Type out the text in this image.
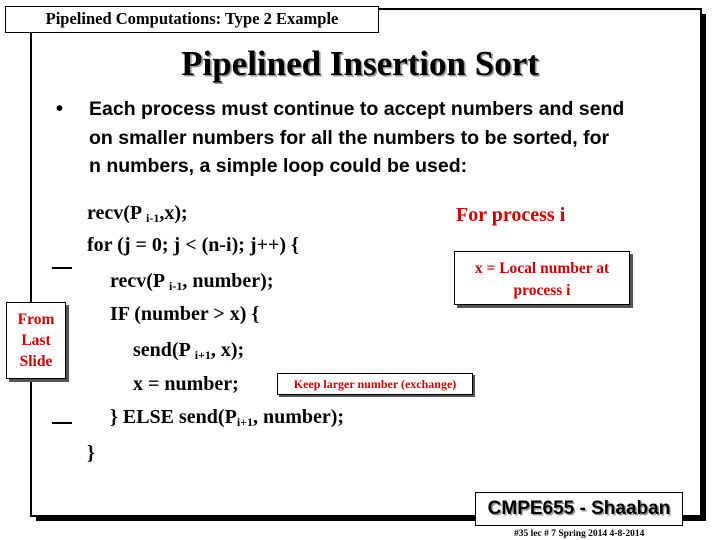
Pipelined Computations: Type 2 Example
Pipelined Insertion Sort
• Each process must continue to accept numbers and send
on smaller numbers for all the numbers to be sorted, for
n numbers, a simple loop could be used:
recv(P $_{i-1}$,x);
for (j = 0; j < (n-i); j++) {
recv(P $_{i-1}$, number);
IF (number > x) {
send(P $_{i+1}$, x);
x = number;
} ELSE $send(P_{i+1}$, number);
}
For process i
x = Local number at
process i
From
Last
Slide
Keep larger number (exchange)
CMPE655 - Shaaban
#35 lec # 7 Spring 2014 4-8-2014
